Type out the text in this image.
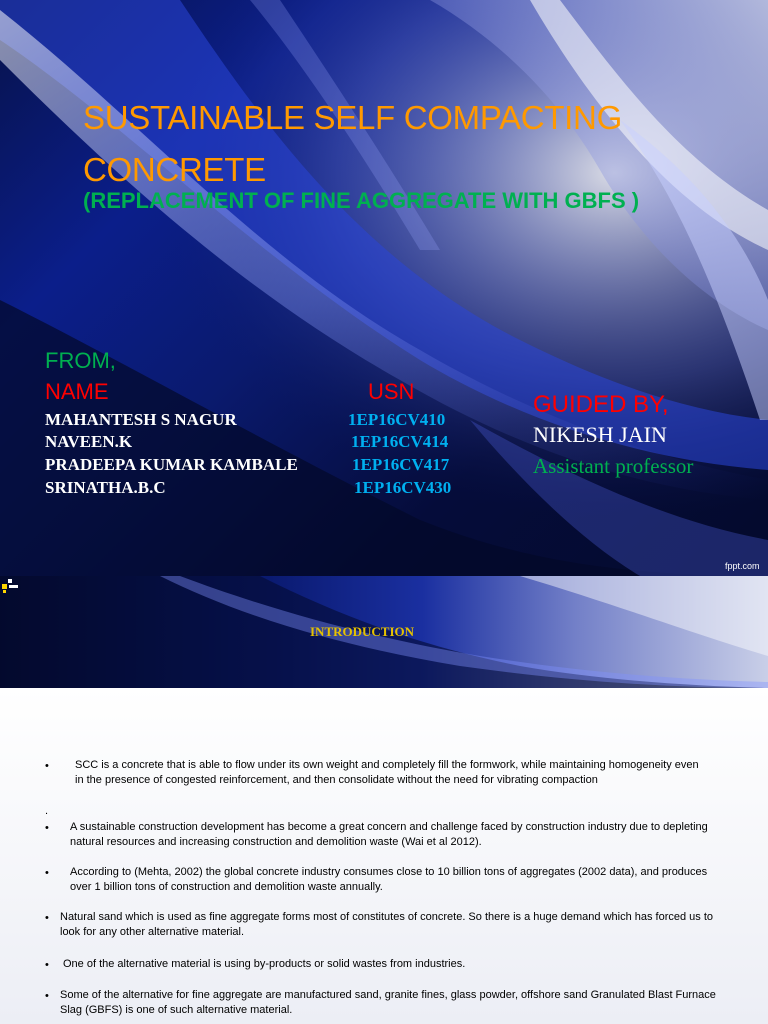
SUSTAINABLE SELF COMPACTING CONCRETE
(REPLACEMENT OF FINE AGGREGATE WITH GBFS )
FROM,
NAME	USN
MAHANTESH S NAGUR	1EP16CV410
NAVEEN.K	1EP16CV414
PRADEEPA KUMAR KAMBALE	1EP16CV417
SRINATHA.B.C	1EP16CV430
GUIDED BY,
NIKESH JAIN
Assistant professor
fppt.com
INTRODUCTION
• SCC is a concrete that is able to flow under its own weight and completely fill the formwork, while maintaining homogeneity even in the presence of congested reinforcement, and then consolidate without the need for vibrating compaction
.
• A sustainable construction development has become a great concern and challenge faced by construction industry due to depleting natural resources and increasing construction and demolition waste (Wai et al 2012).
• According to (Mehta, 2002) the global concrete industry consumes close to 10 billion tons of aggregates (2002 data), and produces over 1 billion tons of construction and demolition waste annually.
• Natural sand which is used as fine aggregate forms most of constitutes of concrete. So there is a huge demand which has forced us to look for any other alternative material.
• One of the alternative material is using by-products or solid wastes from industries.
• Some of the alternative for fine aggregate are manufactured sand, granite fines, glass powder, offshore sand Granulated Blast Furnace Slag (GBFS) is one of such alternative material.
